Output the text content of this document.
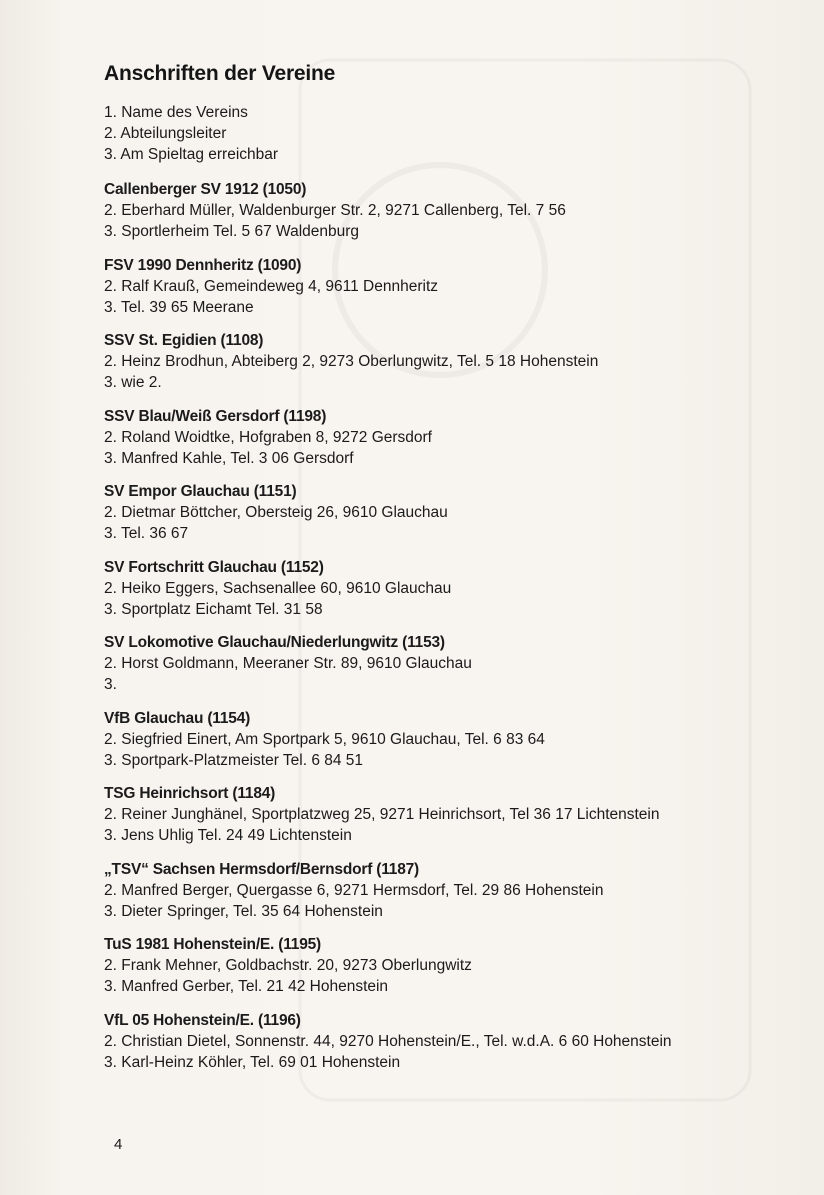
Anschriften der Vereine
1. Name des Vereins
2. Abteilungsleiter
3. Am Spieltag erreichbar
Callenberger SV 1912 (1050)
2. Eberhard Müller, Waldenburger Str. 2, 9271 Callenberg, Tel. 7 56
3. Sportlerheim Tel. 5 67 Waldenburg
FSV 1990 Dennheritz (1090)
2. Ralf Krauß, Gemeindeweg 4, 9611 Dennheritz
3. Tel. 39 65 Meerane
SSV St. Egidien (1108)
2. Heinz Brodhun, Abteiberg 2, 9273 Oberlungwitz, Tel. 5 18 Hohenstein
3. wie 2.
SSV Blau/Weiß Gersdorf (1198)
2. Roland Woidtke, Hofgraben 8, 9272 Gersdorf
3. Manfred Kahle, Tel. 3 06 Gersdorf
SV Empor Glauchau (1151)
2. Dietmar Böttcher, Obersteig 26, 9610 Glauchau
3. Tel. 36 67
SV Fortschritt Glauchau (1152)
2. Heiko Eggers, Sachsenallee 60, 9610 Glauchau
3. Sportplatz Eichamt Tel. 31 58
SV Lokomotive Glauchau/Niederlungwitz (1153)
2. Horst Goldmann, Meeraner Str. 89, 9610 Glauchau
3.
VfB Glauchau (1154)
2. Siegfried Einert, Am Sportpark 5, 9610 Glauchau, Tel. 6 83 64
3. Sportpark-Platzmeister Tel. 6 84 51
TSG Heinrichsort (1184)
2. Reiner Junghänel, Sportplatzweg 25, 9271 Heinrichsort, Tel 36 17 Lichtenstein
3. Jens Uhlig Tel. 24 49 Lichtenstein
„TSV“ Sachsen Hermsdorf/Bernsdorf (1187)
2. Manfred Berger, Quergasse 6, 9271 Hermsdorf, Tel. 29 86 Hohenstein
3. Dieter Springer, Tel. 35 64 Hohenstein
TuS 1981 Hohenstein/E. (1195)
2. Frank Mehner, Goldbachstr. 20, 9273 Oberlungwitz
3. Manfred Gerber, Tel. 21 42 Hohenstein
VfL 05 Hohenstein/E. (1196)
2. Christian Dietel, Sonnenstr. 44, 9270 Hohenstein/E., Tel. w.d.A. 6 60 Hohenstein
3. Karl-Heinz Köhler, Tel. 69 01 Hohenstein
4
